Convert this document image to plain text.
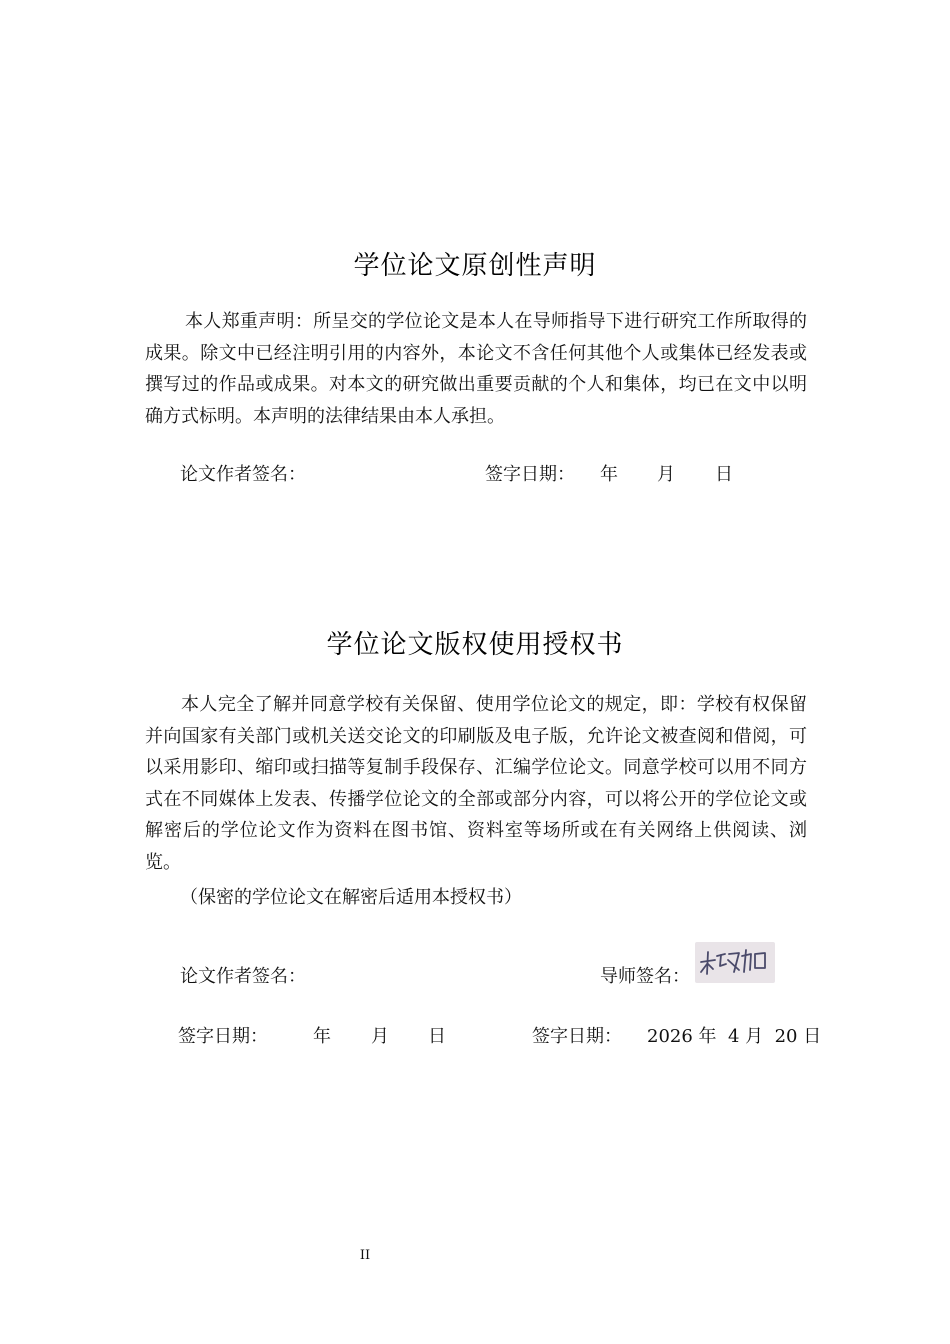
学位论文原创性声明
本人郑重声明：所呈交的学位论文是本人在导师指导下进行研究工作所取得的成果。除文中已经注明引用的内容外，本论文不含任何其他个人或集体已经发表或撰写过的作品或成果。对本文的研究做出重要贡献的个人和集体，均已在文中以明确方式标明。本声明的法律结果由本人承担。
论文作者签名：	签字日期： 年 月 日
学位论文版权使用授权书
本人完全了解并同意学校有关保留、使用学位论文的规定，即：学校有权保留并向国家有关部门或机关送交论文的印刷版及电子版，允许论文被查阅和借阅，可以采用影印、缩印或扫描等复制手段保存、汇编学位论文。同意学校可以用不同方式在不同媒体上发表、传播学位论文的全部或部分内容，可以将公开的学位论文或解密后的学位论文作为资料在图书馆、资料室等场所或在有关网络上供阅读、浏览。
（保密的学位论文在解密后适用本授权书）
论文作者签名：	导师签名：
签字日期：	年 月 日	签字日期： 2026 年  4 月  20 日
II
